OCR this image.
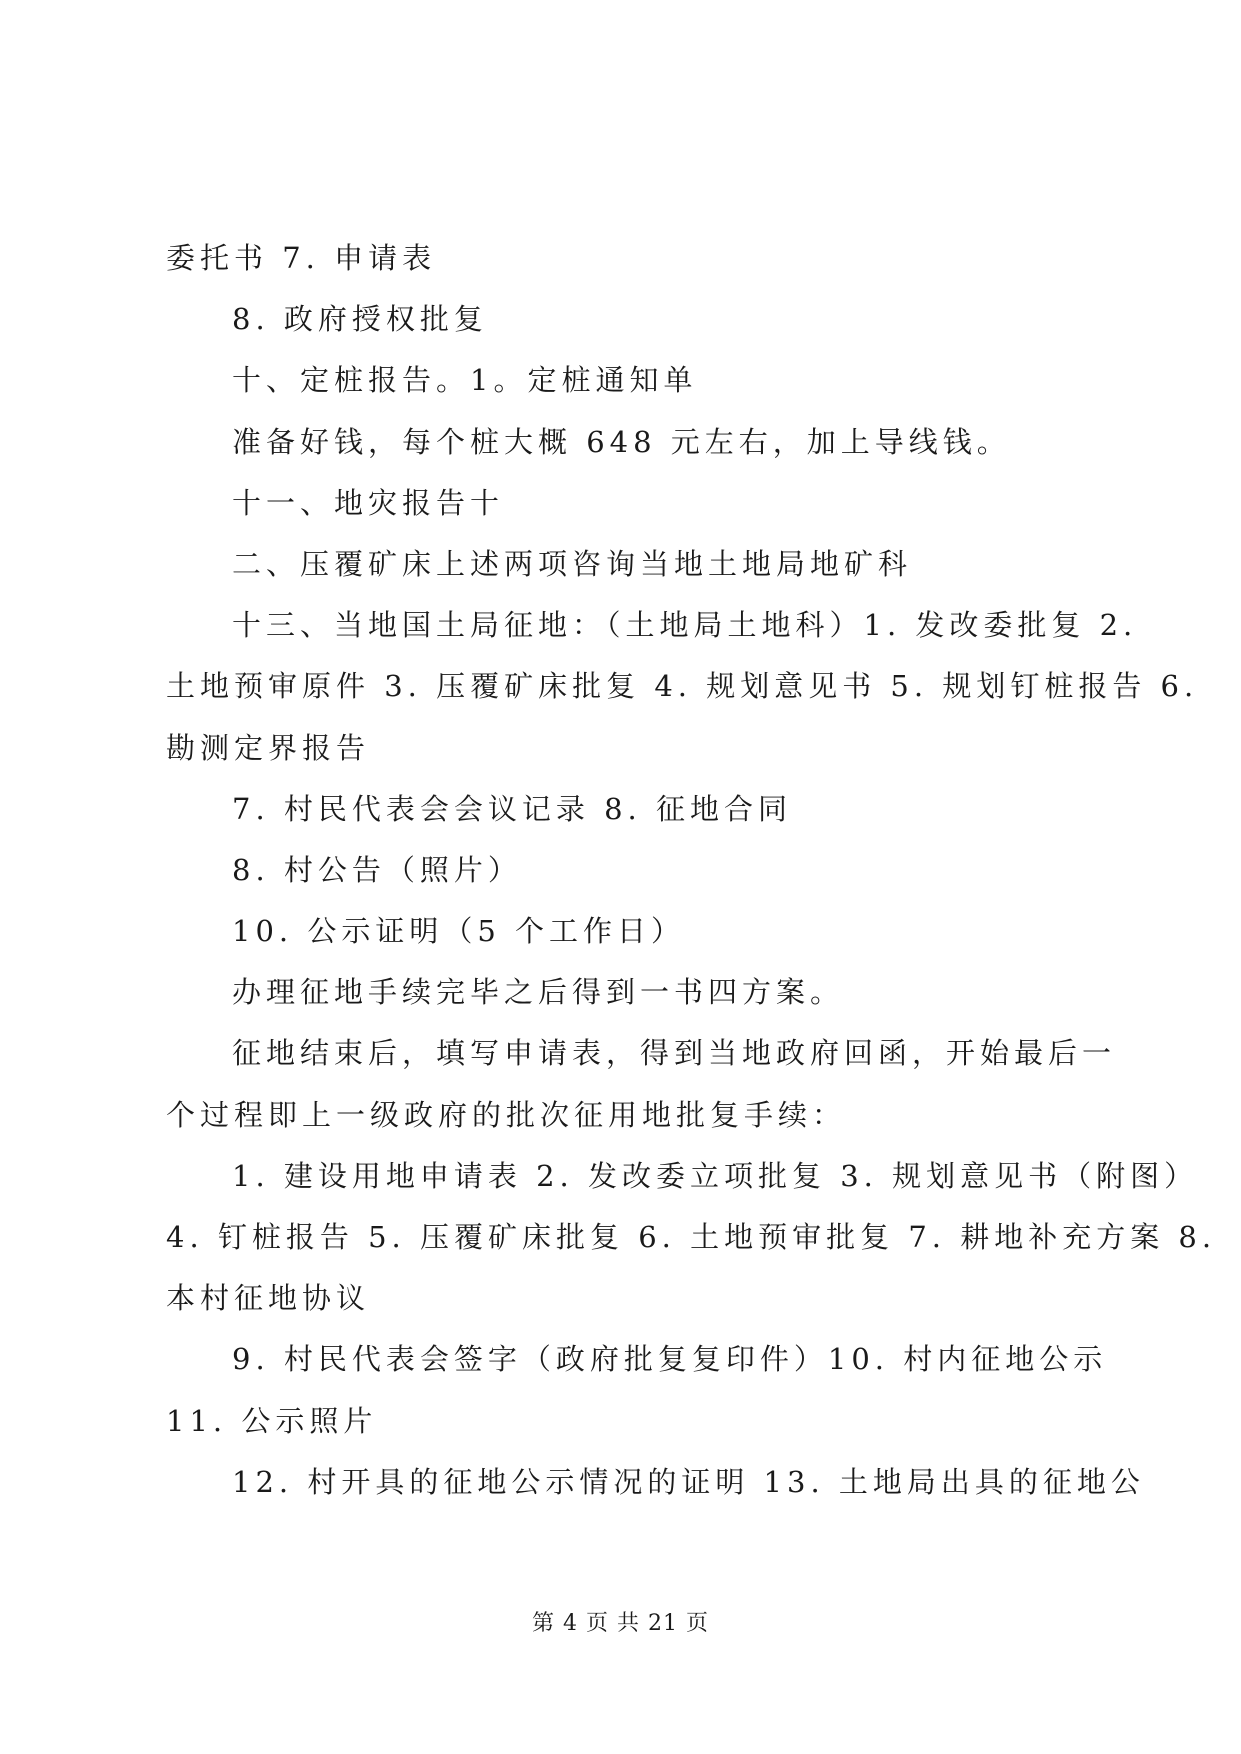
委托书 7. 申请表
8. 政府授权批复
十、定桩报告。1。定桩通知单
准备好钱，每个桩大概 648 元左右，加上导线钱。
十一、地灾报告十
二、压覆矿床上述两项咨询当地土地局地矿科
十三、当地国土局征地：（土地局土地科）1. 发改委批复 2.
土地预审原件 3. 压覆矿床批复 4. 规划意见书 5. 规划钉桩报告 6.
勘测定界报告
7. 村民代表会会议记录 8. 征地合同
8. 村公告（照片）
10. 公示证明（5 个工作日）
办理征地手续完毕之后得到一书四方案。
征地结束后，填写申请表，得到当地政府回函，开始最后一
个过程即上一级政府的批次征用地批复手续：
1. 建设用地申请表 2. 发改委立项批复 3. 规划意见书（附图）
4. 钉桩报告 5. 压覆矿床批复 6. 土地预审批复 7. 耕地补充方案 8.
本村征地协议
9. 村民代表会签字（政府批复复印件）10. 村内征地公示
11. 公示照片
12. 村开具的征地公示情况的证明 13. 土地局出具的征地公
第 4 页 共 21 页
